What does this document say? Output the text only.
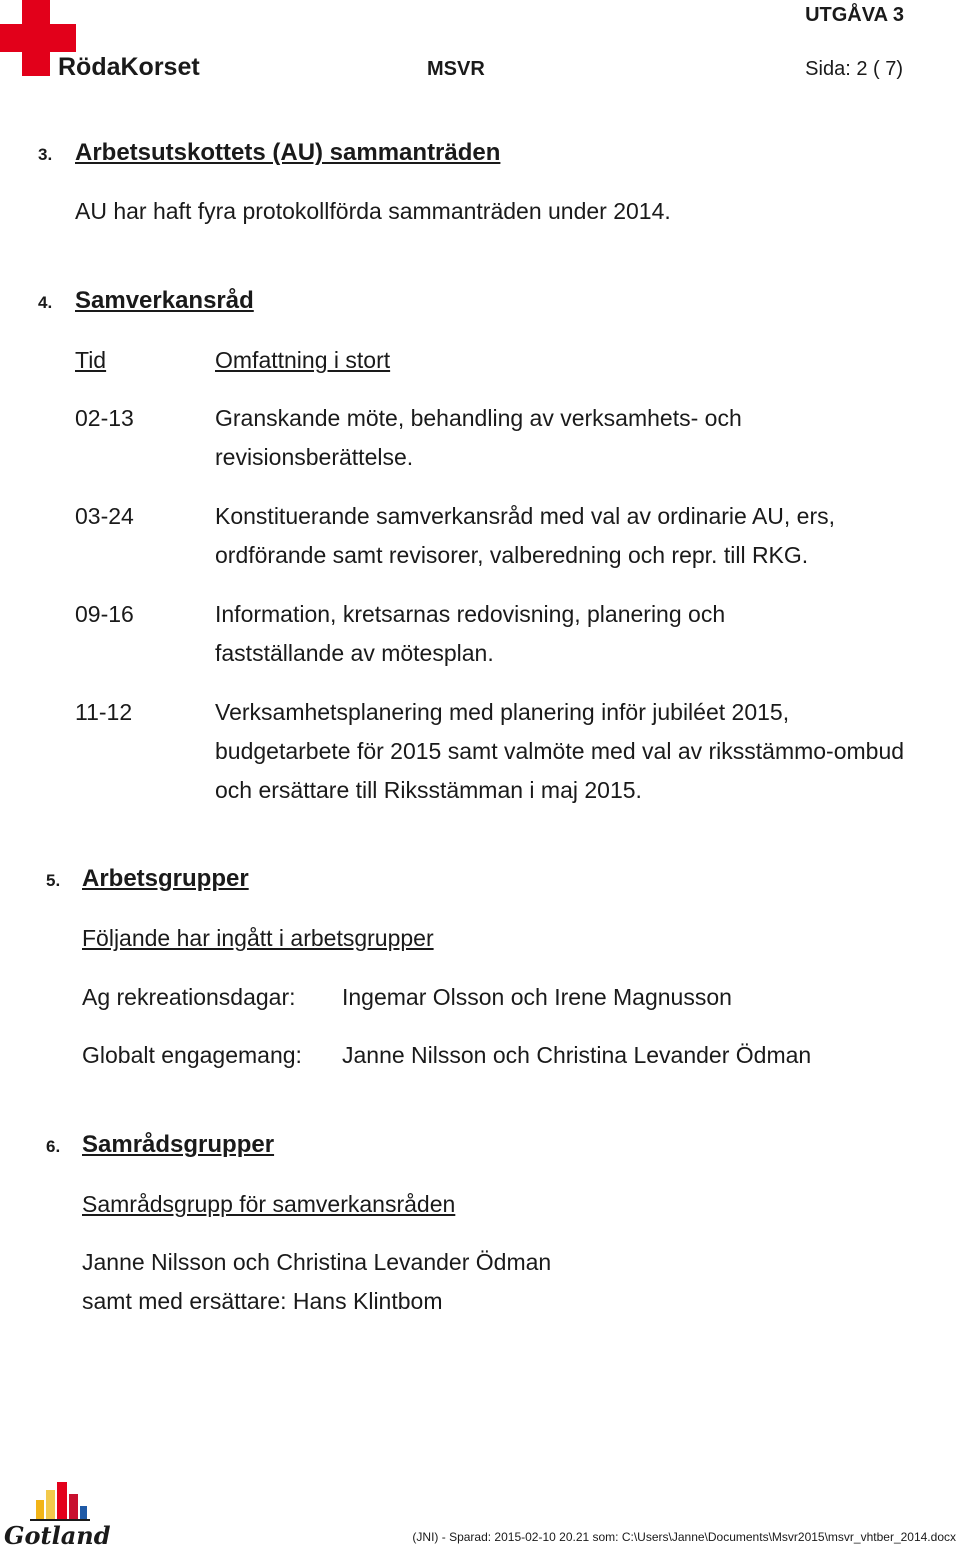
RödaKorset
UTGÅVA 3
MSVR	Sida: 2 ( 7)
3. Arbetsutskottets (AU) sammanträden
AU har haft fyra protokollförda sammanträden under 2014.
4. Samverkansråd
Tid	Omfattning i stort
02-13	Granskande möte, behandling av verksamhets- och revisionsberättelse.
03-24	Konstituerande samverkansråd med val av ordinarie AU, ers, ordförande samt revisorer, valberedning och repr. till RKG.
09-16	Information, kretsarnas redovisning, planering och fastställande av mötesplan.
11-12	Verksamhetsplanering med planering inför jubiléet 2015, budgetarbete för 2015 samt valmöte med val av riksstämmo-ombud och ersättare till Riksstämman i maj 2015.
5. Arbetsgrupper
Följande har ingått i arbetsgrupper
Ag rekreationsdagar: Ingemar Olsson och Irene Magnusson
Globalt engagemang: Janne Nilsson och Christina Levander Ödman
6. Samrådsgrupper
Samrådsgrupp för samverkansråden
Janne Nilsson och Christina Levander Ödman
samt med ersättare: Hans Klintbom
Gotland	(JNI) - Sparad: 2015-02-10 20.21 som: C:\Users\Janne\Documents\Msvr2015\msvr_vhtber_2014.docx
